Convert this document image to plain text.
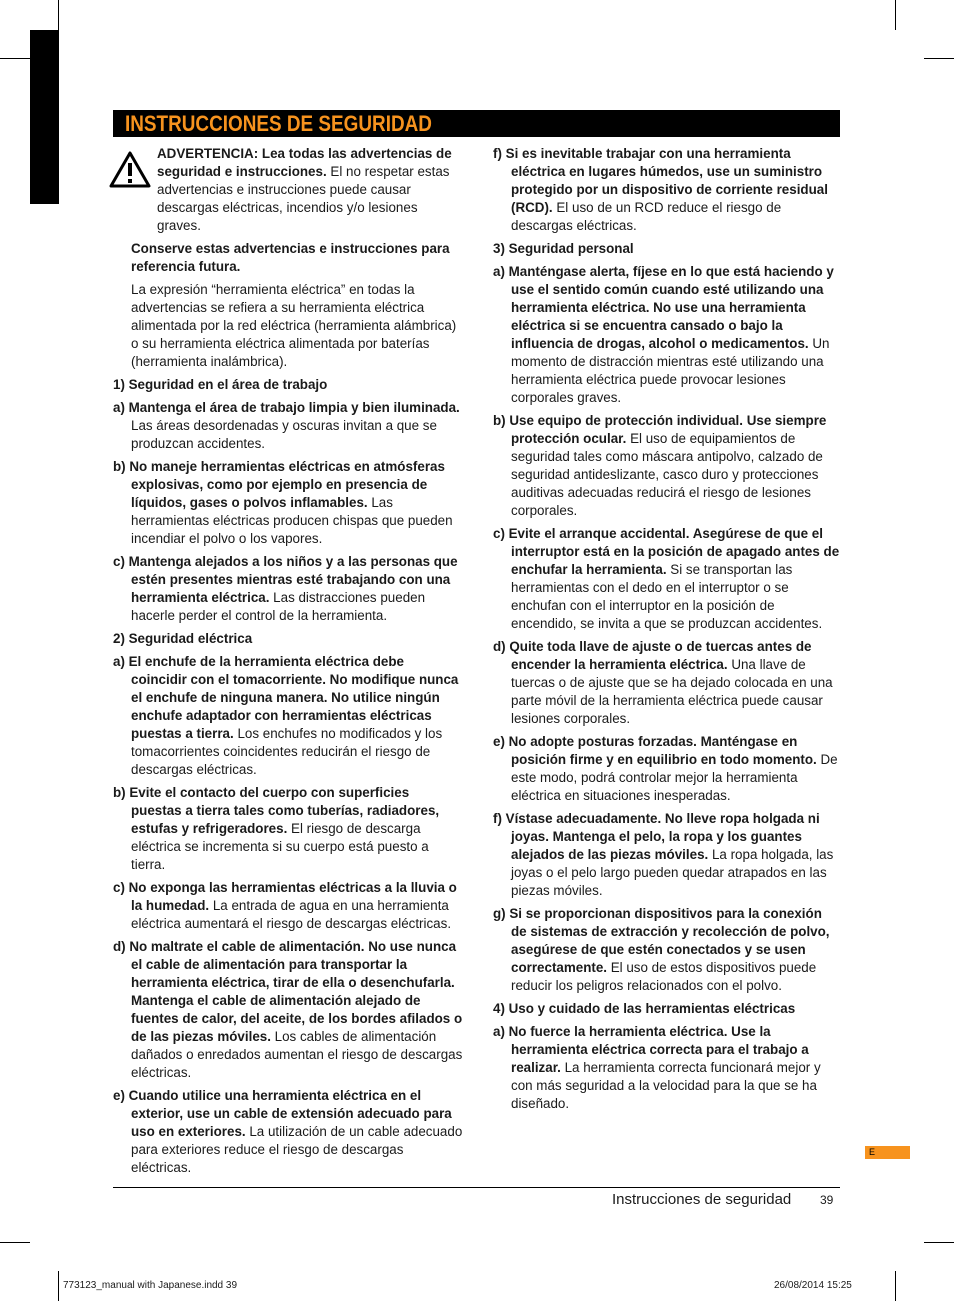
INSTRUCCIONES DE SEGURIDAD
ADVERTENCIA: Lea todas las advertencias de seguridad e instrucciones. El no respetar estas advertencias e instrucciones puede causar descargas eléctricas, incendios y/o lesiones graves.

Conserve estas advertencias e instrucciones para referencia futura.

La expresión “herramienta eléctrica” en todas la advertencias se refiera a su herramienta eléctrica alimentada por la red eléctrica (herramienta alámbrica) o su herramienta eléctrica alimentada por baterías (herramienta inalámbrica).

1) Seguridad en el área de trabajo

a) Mantenga el área de trabajo limpia y bien iluminada. Las áreas desordenadas y oscuras invitan a que se produzcan accidentes.

b) No maneje herramientas eléctricas en atmósferas explosivas, como por ejemplo en presencia de líquidos, gases o polvos inflamables. Las herramientas eléctricas producen chispas que pueden incendiar el polvo o los vapores.

c) Mantenga alejados a los niños y a las personas que estén presentes mientras esté trabajando con una herramienta eléctrica. Las distracciones pueden hacerle perder el control de la herramienta.

2) Seguridad eléctrica

a) El enchufe de la herramienta eléctrica debe coincidir con el tomacorriente. No modifique nunca el enchufe de ninguna manera. No utilice ningún enchufe adaptador con herramientas eléctricas puestas a tierra. Los enchufes no modificados y los tomacorrientes coincidentes reducirán el riesgo de descargas eléctricas.

b) Evite el contacto del cuerpo con superficies puestas a tierra tales como tuberías, radiadores, estufas y refrigeradores. El riesgo de descarga eléctrica se incrementa si su cuerpo está puesto a tierra.

c) No exponga las herramientas eléctricas a la lluvia o la humedad. La entrada de agua en una herramienta eléctrica aumentará el riesgo de descargas eléctricas.

d) No maltrate el cable de alimentación. No use nunca el cable de alimentación para transportar la herramienta eléctrica, tirar de ella o desenchufarla. Mantenga el cable de alimentación alejado de fuentes de calor, del aceite, de los bordes afilados o de las piezas móviles. Los cables de alimentación dañados o enredados aumentan el riesgo de descargas eléctricas.

e) Cuando utilice una herramienta eléctrica en el exterior, use un cable de extensión adecuado para uso en exteriores. La utilización de un cable adecuado para exteriores reduce el riesgo de descargas eléctricas.

f) Si es inevitable trabajar con una herramienta eléctrica en lugares húmedos, use un suministro protegido por un dispositivo de corriente residual (RCD). El uso de un RCD reduce el riesgo de descargas eléctricas.

3) Seguridad personal

a) Manténgase alerta, fíjese en lo que está haciendo y use el sentido común cuando esté utilizando una herramienta eléctrica. No use una herramienta eléctrica si se encuentra cansado o bajo la influencia de drogas, alcohol o medicamentos. Un momento de distracción mientras esté utilizando una herramienta eléctrica puede provocar lesiones corporales graves.

b) Use equipo de protección individual. Use siempre protección ocular. El uso de equipamientos de seguridad tales como máscara antipolvo, calzado de seguridad antideslizante, casco duro y protecciones auditivas adecuadas reducirá el riesgo de lesiones corporales.

c) Evite el arranque accidental. Asegúrese de que el interruptor está en la posición de apagado antes de enchufar la herramienta. Si se transportan las herramientas con el dedo en el interruptor o se enchufan con el interruptor en la posición de encendido, se invita a que se produzcan accidentes.

d) Quite toda llave de ajuste o de tuercas antes de encender la herramienta eléctrica. Una llave de tuercas o de ajuste que se ha dejado colocada en una parte móvil de la herramienta eléctrica puede causar lesiones corporales.

e) No adopte posturas forzadas. Manténgase en posición firme y en equilibrio en todo momento. De este modo, podrá controlar mejor la herramienta eléctrica en situaciones inesperadas.

f) Vístase adecuadamente. No lleve ropa holgada ni joyas. Mantenga el pelo, la ropa y los guantes alejados de las piezas móviles. La ropa holgada, las joyas o el pelo largo pueden quedar atrapados en las piezas móviles.

g) Si se proporcionan dispositivos para la conexión de sistemas de extracción y recolección de polvo, asegúrese de que estén conectados y se usen correctamente. El uso de estos dispositivos puede reducir los peligros relacionados con el polvo.

4) Uso y cuidado de las herramientas eléctricas

a) No fuerce la herramienta eléctrica. Use la herramienta eléctrica correcta para el trabajo a realizar. La herramienta correcta funcionará mejor y con más seguridad a la velocidad para la que se ha diseñado.

E
Instrucciones de seguridad 39
773123_manual with Japanese.indd 39	26/08/2014 15:25
